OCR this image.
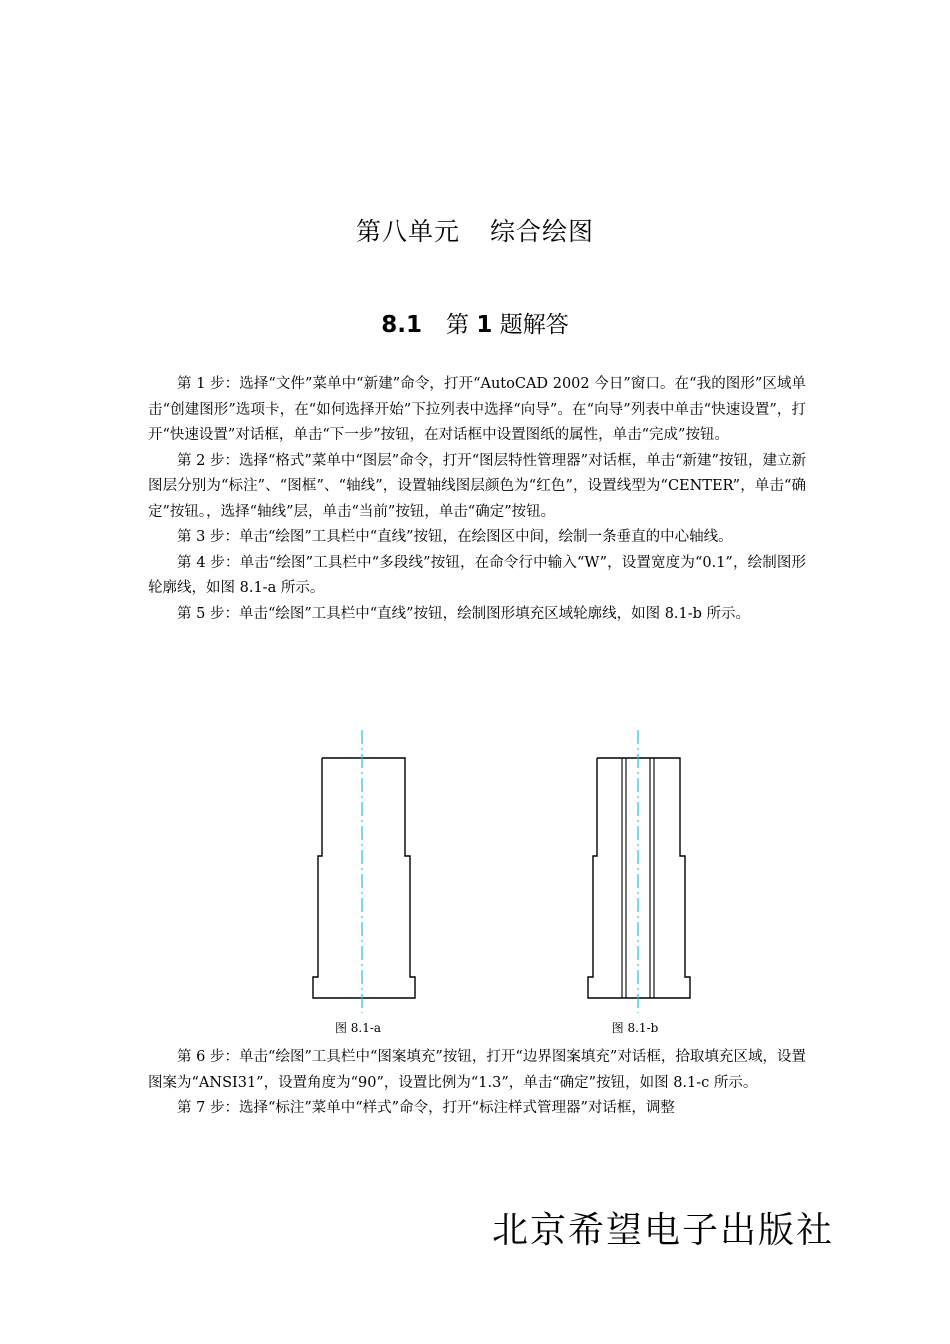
第八单元 综合绘图
8.1 第 1 题解答

第 1 步：选择“文件”菜单中“新建”命令，打开“AutoCAD 2002 今日”窗口。在“我的图形”区域单击“创建图形”选项卡，在“如何选择开始”下拉列表中选择“向导”。在“向导”列表中单击“快速设置”，打开“快速设置”对话框，单击“下一步”按钮，在对话框中设置图纸的属性，单击“完成”按钮。

第 2 步：选择“格式”菜单中“图层”命令，打开“图层特性管理器”对话框，单击“新建”按钮，建立新图层分别为“标注”、“图框”、“轴线”，设置轴线图层颜色为“红色”，设置线型为“CENTER”，单击“确定”按钮。，选择“轴线”层，单击“当前”按钮，单击“确定”按钮。

第 3 步：单击“绘图”工具栏中“直线”按钮，在绘图区中间，绘制一条垂直的中心轴线。

第 4 步：单击“绘图”工具栏中“多段线”按钮，在命令行中输入“W”，设置宽度为“0.1”，绘制图形轮廓线，如图 8.1-a 所示。

第 5 步：单击“绘图”工具栏中“直线”按钮，绘制图形填充区域轮廓线，如图 8.1-b 所示。

图 8.1-a	图 8.1-b

第 6 步：单击“绘图”工具栏中“图案填充”按钮，打开“边界图案填充”对话框，拾取填充区域，设置图案为“ANSI31”，设置角度为“90”，设置比例为“1.3”，单击“确定”按钮，如图 8.1-c 所示。

第 7 步：选择“标注”菜单中“样式”命令，打开“标注样式管理器”对话框，调整

北京希望电子出版社
